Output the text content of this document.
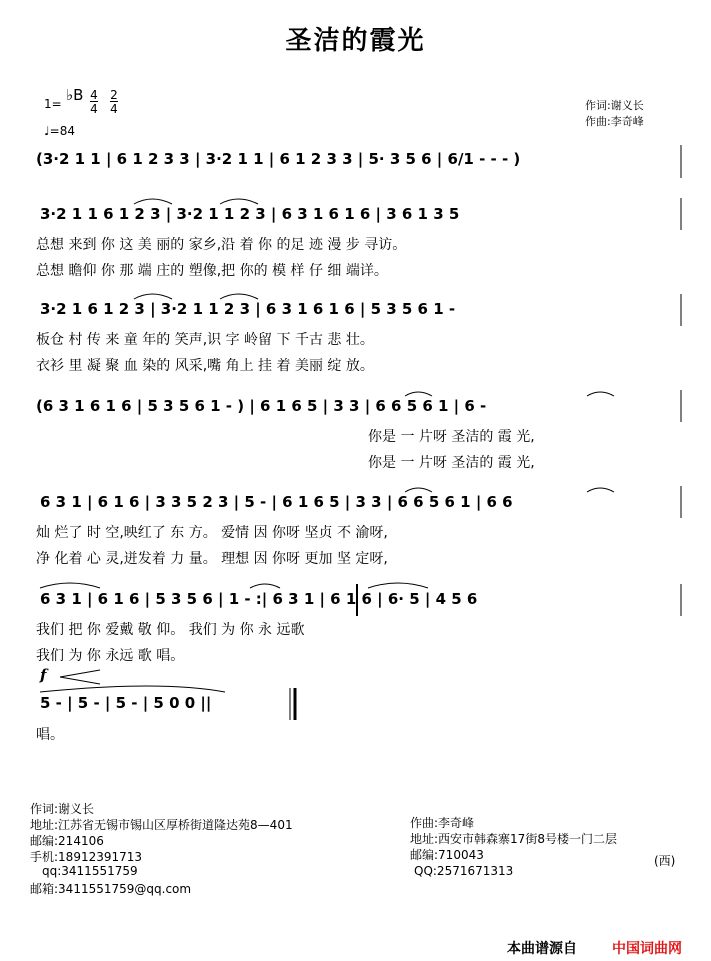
圣洁的霞光
1= ♭B 4
4
2
4
♩=84
作词:谢义长
作曲:李奇峰
(3·2 1 1 | 6 1 2 3 3 | 3·2 1 1 | 6 1 2 3 3 | 5· 3 5 6 | 6/1 - - - )
3·2 1 1 6 1 2 3 | 3·2 1 1 2 3 | 6 3 1 6 1 6 | 3 6 1 3 5
总想 来到 你 这 美 丽的 家乡,沿 着 你 的足 迹 漫 步 寻访。
总想 瞻仰 你 那 端 庄的 塑像,把 你的 模 样 仔 细 端详。
3·2 1 6 1 2 3 | 3·2 1 1 2 3 | 6 3 1 6 1 6 | 5 3 5 6 1 -
板仓 村 传 来 童 年的 笑声,识 字 岭留 下 千古 悲 壮。
衣衫 里 凝 聚 血 染的 风采,嘴 角上 挂 着 美丽 绽 放。
(6 3 1 6 1 6 | 5 3 5 6 1 - ) | 6 1 6 5 | 3 3 | 6 6 5 6 1 | 6 -
你是 一 片呀 圣洁的 霞 光,
你是 一 片呀 圣洁的 霞 光,
6 3 1 | 6 1 6 | 3 3 5 2 3 | 5 - | 6 1 6 5 | 3 3 | 6 6 5 6 1 | 6 6
灿 烂了 时 空,映红了 东 方。 爱情 因 你呀 坚贞 不 渝呀,
净 化着 心 灵,迸发着 力 量。 理想 因 你呀 更加 坚 定呀,
6 3 1 | 6 1 6 | 5 3 5 6 | 1 - :| 6 3 1 | 6 1 6 | 6· 5 | 4 5 6
我们 把 你 爱戴 敬 仰。 我们 为 你 永 远歌
我们 为 你 永远 歌 唱。
f
5 - | 5 - | 5 - | 5 0 0 ||
唱。
作词:谢义长
地址:江苏省无锡市锡山区厚桥街道隆达苑8—401
邮编:214106
手机:18912391713
qq:3411551759
邮箱:3411551759@qq.com
作曲:李奇峰
地址:西安市韩森寨17街8号楼一门二层
邮编:710043	(西)
QQ:2571671313
本曲谱源自	中国词曲网
